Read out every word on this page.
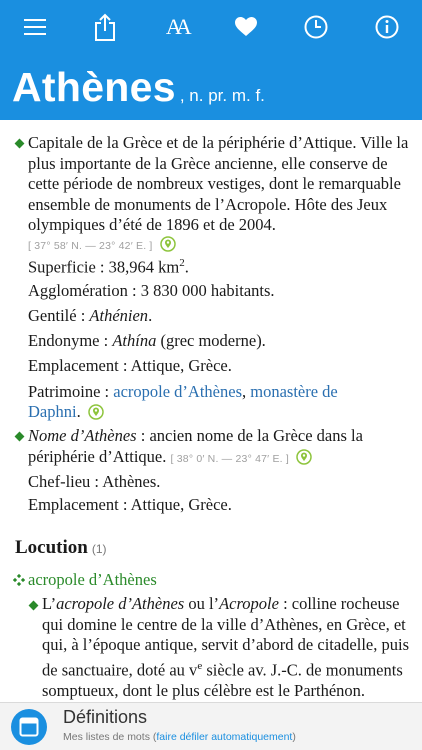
AA
Athènes , n. pr. m. f.
Capitale de la Grèce et de la périphérie d’Attique. Ville la plus importante de la Grèce ancienne, elle conserve de cette période de nombreux vestiges, dont le remarquable ensemble de monuments de l’Acropole. Hôte des Jeux olympiques d’été de 1896 et de 2004.
[ 37° 58′ N. — 23° 42′ E. ]
Superficie : 38,964 $km^2$.
Agglomération : 3 830 000 habitants.
Gentilé : Athénien.
Endonyme : Athína (grec moderne).
Emplacement : Attique, Grèce.
Patrimoine : acropole d’Athènes, monastère de
Daphni.
Nome d’Athènes : ancien nome de la Grèce dans la
périphérie d’Attique. [ 38° 0′ N. — 23° 47′ E. ]
Chef-lieu : Athènes.
Emplacement : Attique, Grèce.
Locution (1)
acropole d’Athènes
L’acropole d’Athènes ou l’Acropole : colline rocheuse qui domine le centre de la ville d’Athènes, en Grèce, et qui, à l’époque antique, servit d’abord de citadelle, puis de sanctuaire, doté au $v^e$ siècle av. J.-C. de monuments somptueux, dont le plus célèbre est le Parthénon.
Définitions
Mes listes de mots (faire défiler automatiquement)
